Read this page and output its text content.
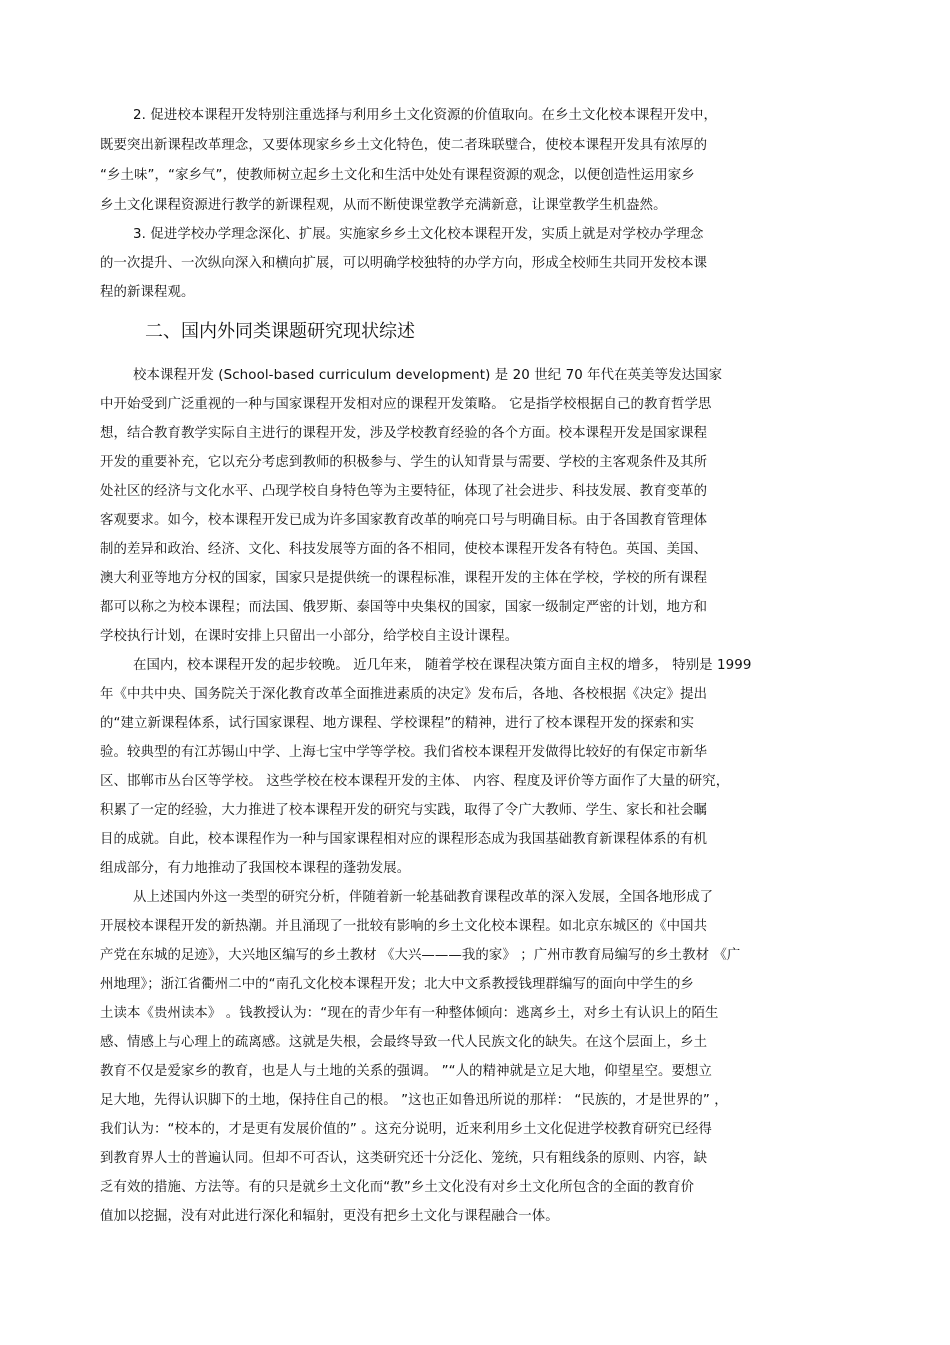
2. 促进校本课程开发特别注重选择与利用乡土文化资源的价值取向。在乡土文化校本课程开发中，
既要突出新课程改革理念，又要体现家乡乡土文化特色，使二者珠联璧合，使校本课程开发具有浓厚的
“乡土味”，“家乡气”，使教师树立起乡土文化和生活中处处有课程资源的观念，以便创造性运用家乡
乡土文化课程资源进行教学的新课程观，从而不断使课堂教学充满新意，让课堂教学生机盎然。
3. 促进学校办学理念深化、扩展。实施家乡乡土文化校本课程开发，实质上就是对学校办学理念
的一次提升、一次纵向深入和横向扩展，可以明确学校独特的办学方向，形成全校师生共同开发校本课
程的新课程观。
二、国内外同类课题研究现状综述
校本课程开发 (School-based curriculum development) 是 20 世纪 70 年代在英美等发达国家
中开始受到广泛重视的一种与国家课程开发相对应的课程开发策略。 它是指学校根据自己的教育哲学思
想，结合教育教学实际自主进行的课程开发，涉及学校教育经验的各个方面。校本课程开发是国家课程
开发的重要补充，它以充分考虑到教师的积极参与、学生的认知背景与需要、学校的主客观条件及其所
处社区的经济与文化水平、凸现学校自身特色等为主要特征，体现了社会进步、科技发展、教育变革的
客观要求。如今，校本课程开发已成为许多国家教育改革的响亮口号与明确目标。由于各国教育管理体
制的差异和政治、经济、文化、科技发展等方面的各不相同，使校本课程开发各有特色。英国、美国、
澳大利亚等地方分权的国家，国家只是提供统一的课程标准，课程开发的主体在学校，学校的所有课程
都可以称之为校本课程；而法国、俄罗斯、泰国等中央集权的国家，国家一级制定严密的计划，地方和
学校执行计划，在课时安排上只留出一小部分，给学校自主设计课程。
在国内，校本课程开发的起步较晚。 近几年来， 随着学校在课程决策方面自主权的增多， 特别是 1999
年《中共中央、国务院关于深化教育改革全面推进素质的决定》发布后，各地、各校根据《决定》提出
的“建立新课程体系，试行国家课程、地方课程、学校课程”的精神，进行了校本课程开发的探索和实
验。较典型的有江苏锡山中学、上海七宝中学等学校。我们省校本课程开发做得比较好的有保定市新华
区、邯郸市丛台区等学校。 这些学校在校本课程开发的主体、 内容、程度及评价等方面作了大量的研究，
积累了一定的经验，大力推进了校本课程开发的研究与实践，取得了令广大教师、学生、家长和社会瞩
目的成就。自此，校本课程作为一种与国家课程相对应的课程形态成为我国基础教育新课程体系的有机
组成部分，有力地推动了我国校本课程的蓬勃发展。
从上述国内外这一类型的研究分析，伴随着新一轮基础教育课程改革的深入发展，全国各地形成了
开展校本课程开发的新热潮。并且涌现了一批较有影响的乡土文化校本课程。如北京东城区的《中国共
产党在东城的足迹》，大兴地区编写的乡土教材 《大兴———我的家》 ；广州市教育局编写的乡土教材 《广
州地理》；浙江省衢州二中的“南孔文化校本课程开发；北大中文系教授钱理群编写的面向中学生的乡
土读本《贵州读本》 。钱教授认为：“现在的青少年有一种整体倾向：逃离乡土，对乡土有认识上的陌生
感、情感上与心理上的疏离感。这就是失根，会最终导致一代人民族文化的缺失。在这个层面上，乡土
教育不仅是爱家乡的教育，也是人与土地的关系的强调。 ”“人的精神就是立足大地，仰望星空。要想立
足大地，先得认识脚下的土地，保持住自己的根。 ”这也正如鲁迅所说的那样： “民族的，才是世界的” ，
我们认为：“校本的，才是更有发展价值的” 。这充分说明，近来利用乡土文化促进学校教育研究已经得
到教育界人士的普遍认同。但却不可否认，这类研究还十分泛化、笼统，只有粗线条的原则、内容，缺
乏有效的措施、方法等。有的只是就乡土文化而“教”乡土文化没有对乡土文化所包含的全面的教育价
值加以挖掘，没有对此进行深化和辐射，更没有把乡土文化与课程融合一体。
